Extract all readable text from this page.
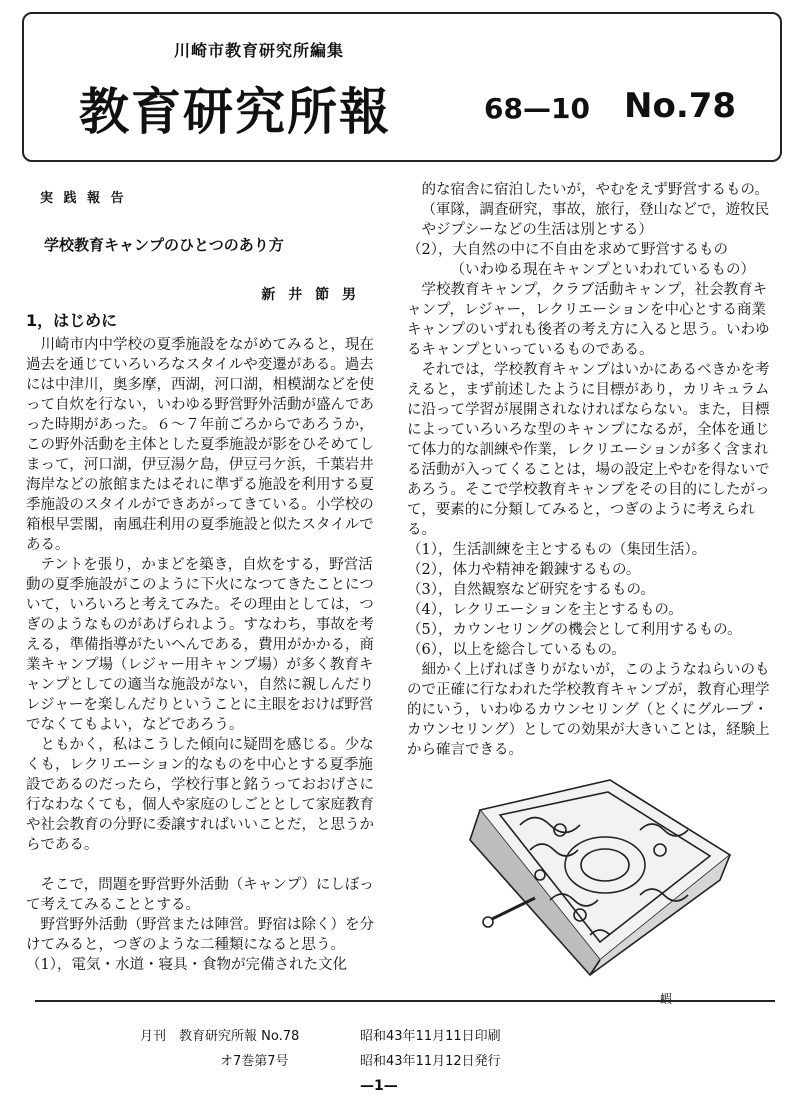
川崎市教育研究所編集
教育研究所報	68—10 No.78

実 践 報 告

学校教育キャンプのひとつのあり方

新 井 節 男

1，はじめに

川崎市内中学校の夏季施設をながめてみると，現在過去を通じていろいろなスタイルや変遷がある。過去には中津川，奥多摩，西湖，河口湖，相模湖などを使って自炊を行ない，いわゆる野営野外活動が盛んであった時期があった。６～７年前ごろからであろうか，この野外活動を主体とした夏季施設が影をひそめてしまって，河口湖，伊豆湯ケ島，伊豆弓ケ浜，千葉岩井海岸などの旅館またはそれに準ずる施設を利用する夏季施設のスタイルができあがってきている。小学校の箱根早雲閣，南風荘利用の夏季施設と似たスタイルである。

テントを張り，かまどを築き，自炊をする，野営活動の夏季施設がこのように下火になつてきたことについて，いろいろと考えてみた。その理由としては，つぎのようなものがあげられよう。すなわち，事故を考える，準備指導がたいへんである，費用がかかる，商業キャンプ場（レジャー用キャンプ場）が多く教育キャンプとしての適当な施設がない，自然に親しんだりレジャーを楽しんだりということに主眼をおけば野営でなくてもよい，などであろう。

ともかく，私はこうした傾向に疑問を感じる。少なくも，レクリエーション的なものを中心とする夏季施設であるのだったら，学校行事と銘うっておおげさに行なわなくても，個人や家庭のしごととして家庭教育や社会教育の分野に委譲すればいいことだ，と思うからである。

そこで，問題を野営野外活動（キャンプ）にしぼって考えてみることとする。

野営野外活動（野営または陣営。野宿は除く）を分けてみると，つぎのような二種類になると思う。

（1），電気・水道・寝具・食物が完備された文化

的な宿舎に宿泊したいが，やむをえず野営するもの。（軍隊，調査研究，事故，旅行，登山などで，遊牧民やジプシーなどの生活は別とする）

（2），大自然の中に不自由を求めて野営するもの

（いわゆる現在キャンプといわれているもの）

学校教育キャンプ，クラブ活動キャンプ，社会教育キャンプ，レジャー，レクリエーションを中心とする商業キャンプのいずれも後者の考え方に入ると思う。いわゆるキャンプといっているものである。

それでは，学校教育キャンプはいかにあるべきかを考えると，まず前述したように目標があり，カリキュラムに沿って学習が展開されなければならない。また，目標によっていろいろな型のキャンプになるが，全体を通じて体力的な訓練や作業，レクリエーションが多く含まれる活動が入ってくることは，場の設定上やむを得ないであろう。そこで学校教育キャンプをその目的にしたがって，要素的に分類してみると，つぎのように考えられる。

（1），生活訓練を主とするもの（集団生活）。

（2），体力や精神を鍛錬するもの。

（3），自然観察など研究をするもの。

（4），レクリエーションを主とするもの。

（5），カウンセリングの機会として利用するもの。

（6），以上を総合しているもの。

細かく上げればきりがないが，このようなねらいのもので正確に行なわれた学校教育キャンプが，教育心理学的にいう，いわゆるカウンセリング（とくにグループ・カウンセリング）としての効果が大きいことは，経験上から確言できる。

蝦
月刊　教育研究所報 No.78	昭和43年11月11日印刷
オ7巻第7号	昭和43年11月12日発行
—1—
